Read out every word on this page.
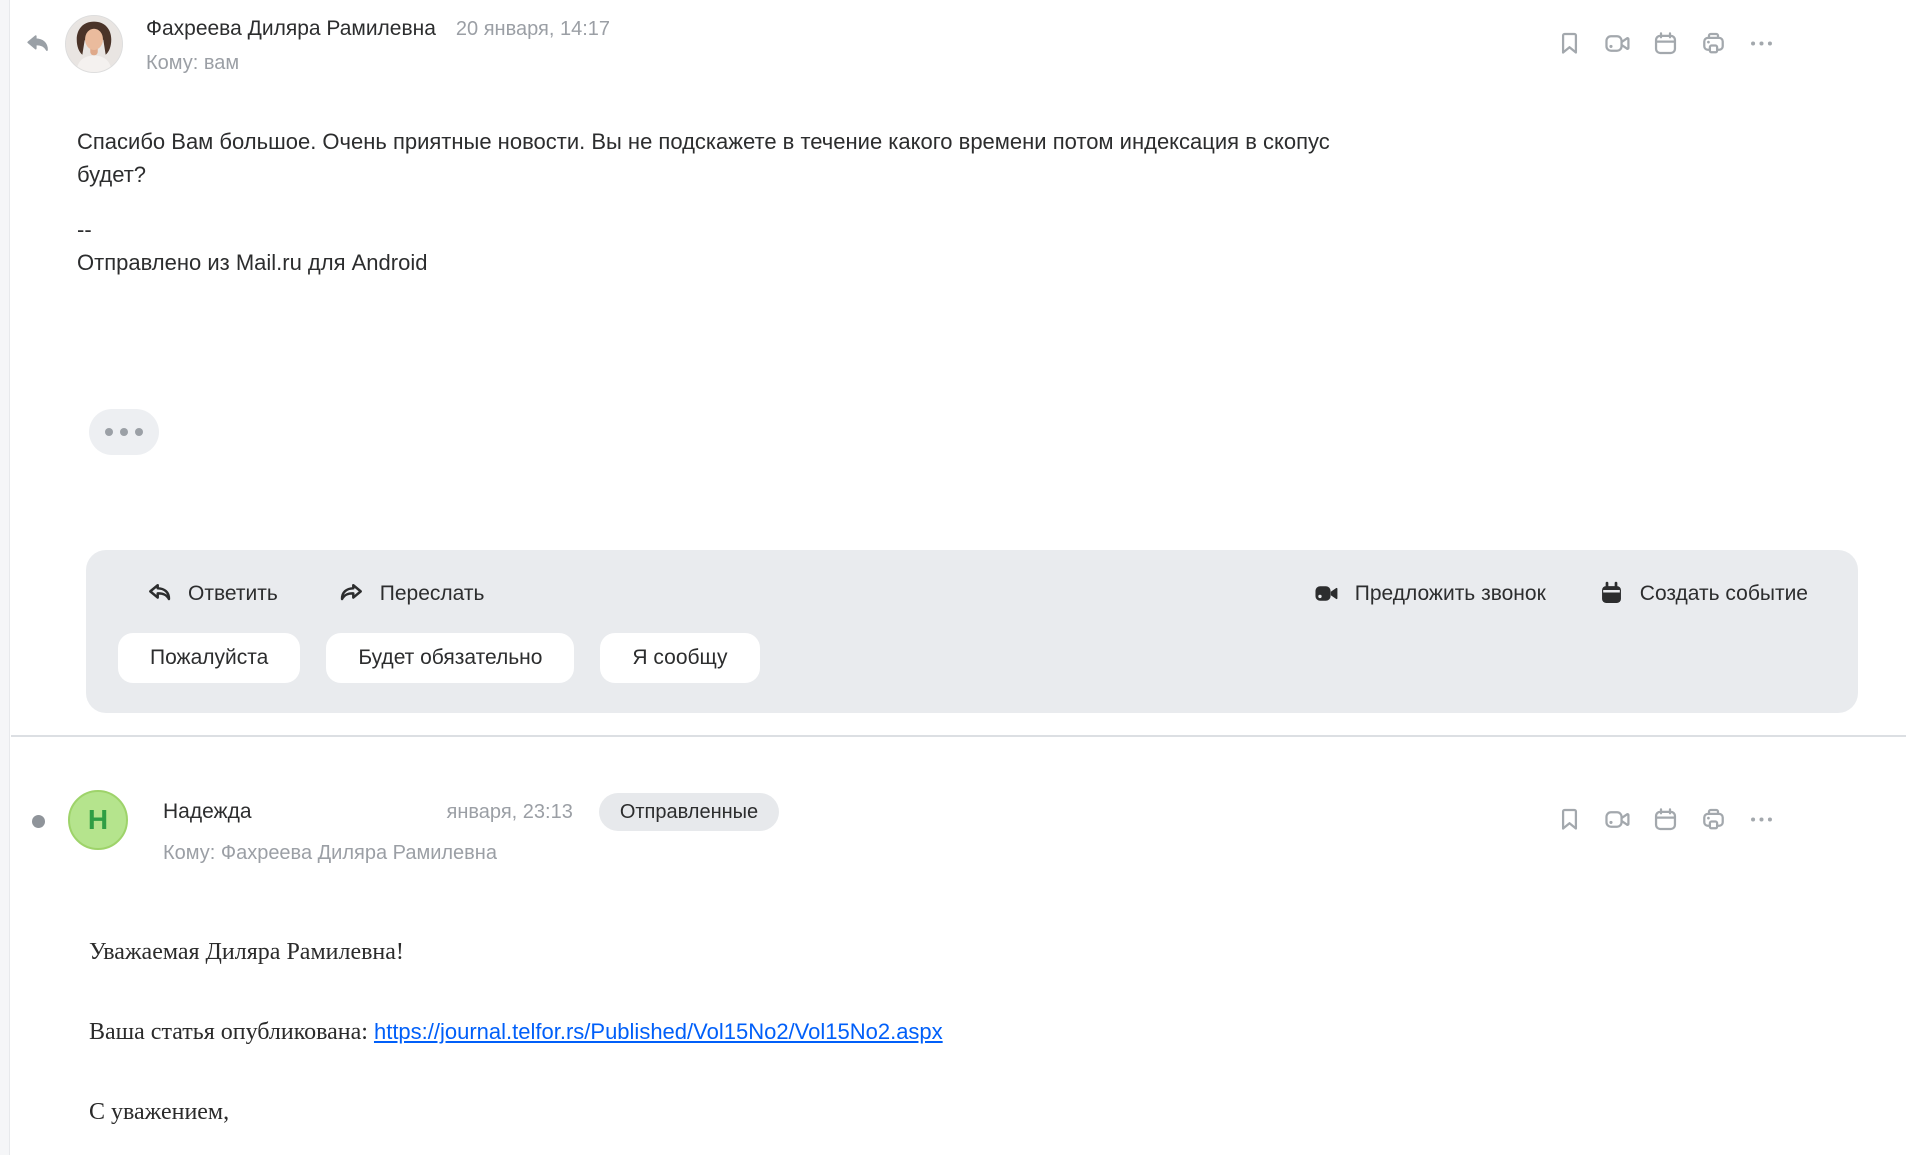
Фахреева Диляра Рамилевна 20 января, 14:17
Кому: вам
Спасибо Вам большое. Очень приятные новости. Вы не подскажете в течение какого времени потом индексация в скопус
будет?
--
Отправлено из Mail.ru для Android
Ответить	Переслать	Предложить звонок	Создать событие
Пожалуйста	Будет обязательно	Я сообщу
Н	Надежда	января, 23:13	Отправленные
Кому: Фахреева Диляра Рамилевна

Уважаемая Диляра Рамилевна!

Ваша статья опубликована: https://journal.telfor.rs/Published/Vol15No2/Vol15No2.aspx

С уважением,
